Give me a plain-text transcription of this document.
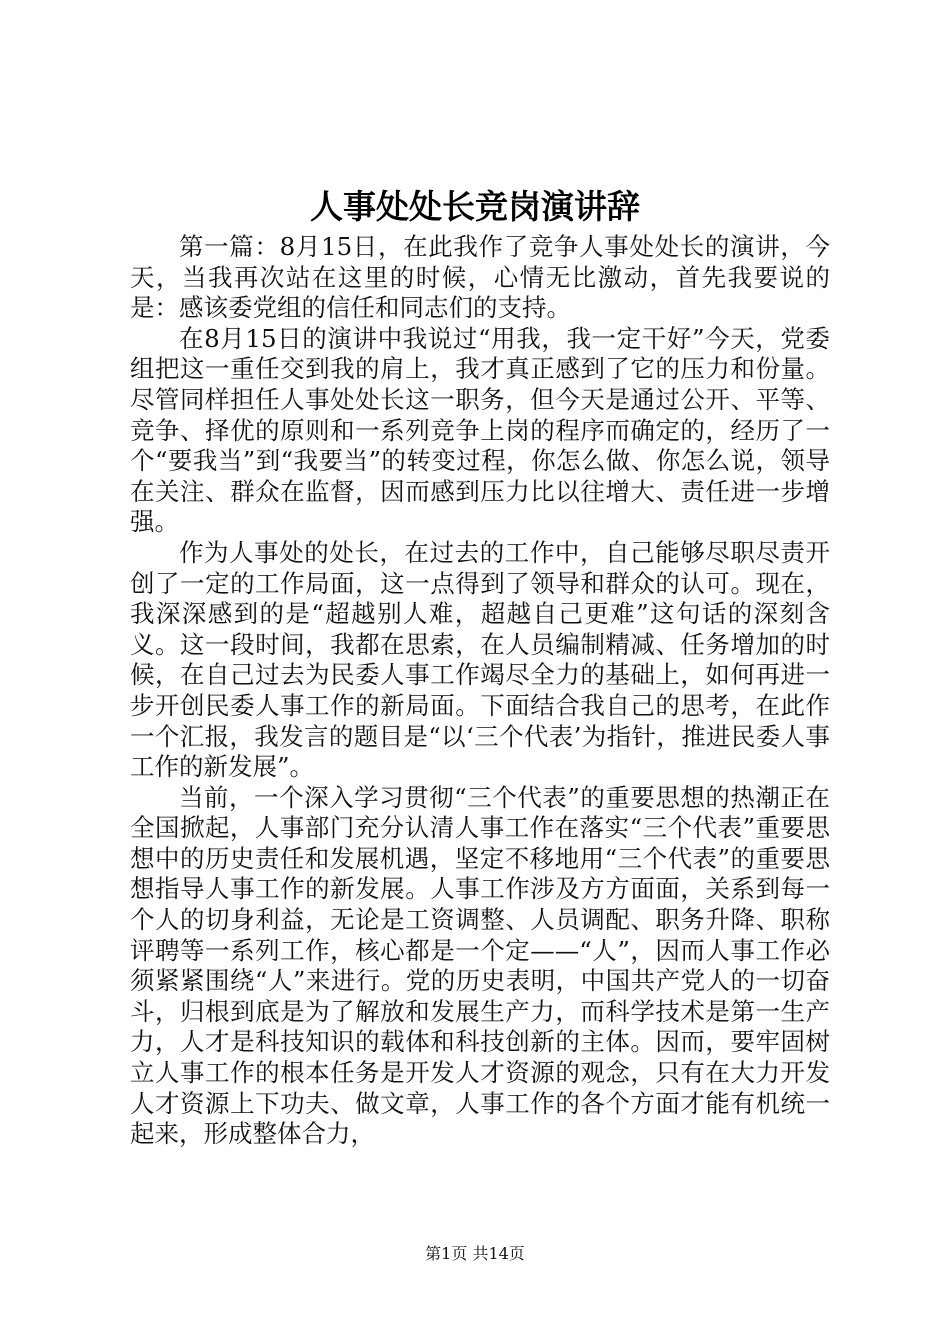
人事处处长竞岗演讲辞

第一篇：8月15日，在此我作了竞争人事处处长的演讲，今天，当我再次站在这里的时候，心情无比激动，首先我要说的是：感该委党组的信任和同志们的支持。

在8月15日的演讲中我说过“用我，我一定干好”今天，党委组把这一重任交到我的肩上，我才真正感到了它的压力和份量。尽管同样担任人事处处长这一职务，但今天是通过公开、平等、竞争、择优的原则和一系列竞争上岗的程序而确定的，经历了一个“要我当”到“我要当”的转变过程，你怎么做、你怎么说，领导在关注、群众在监督，因而感到压力比以往增大、责任进一步增强。

作为人事处的处长，在过去的工作中，自己能够尽职尽责开创了一定的工作局面，这一点得到了领导和群众的认可。现在，我深深感到的是“超越别人难，超越自己更难”这句话的深刻含义。这一段时间，我都在思索，在人员编制精减、任务增加的时候，在自己过去为民委人事工作竭尽全力的基础上，如何再进一步开创民委人事工作的新局面。下面结合我自己的思考，在此作一个汇报，我发言的题目是“以‘三个代表’为指针，推进民委人事工作的新发展”。

当前，一个深入学习贯彻“三个代表”的重要思想的热潮正在全国掀起，人事部门充分认清人事工作在落实“三个代表”重要思想中的历史责任和发展机遇，坚定不移地用“三个代表”的重要思想指导人事工作的新发展。人事工作涉及方方面面，关系到每一个人的切身利益，无论是工资调整、人员调配、职务升降、职称评聘等一系列工作，核心都是一个定——“人”，因而人事工作必须紧紧围绕“人”来进行。党的历史表明，中国共产党人的一切奋斗，归根到底是为了解放和发展生产力，而科学技术是第一生产力，人才是科技知识的载体和科技创新的主体。因而，要牢固树立人事工作的根本任务是开发人才资源的观念，只有在大力开发人才资源上下功夫、做文章，人事工作的各个方面才能有机统一起来，形成整体合力，

第1页 共14页
